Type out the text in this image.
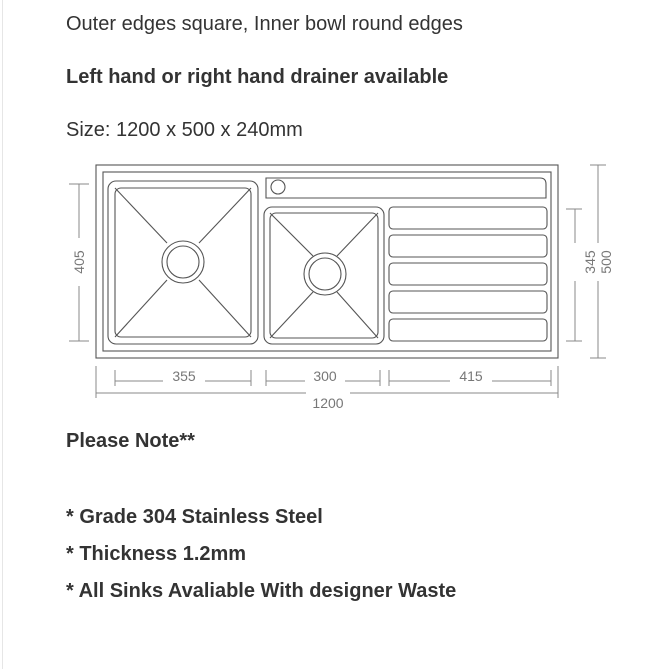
Outer edges square, Inner bowl round edges
Left hand or right hand drainer available
Size: 1200 x 500 x 240mm
355	300	415
1200
405	345 500
Please Note**
* Grade 304 Stainless Steel
* Thickness 1.2mm
* All Sinks Avaliable With designer Waste
